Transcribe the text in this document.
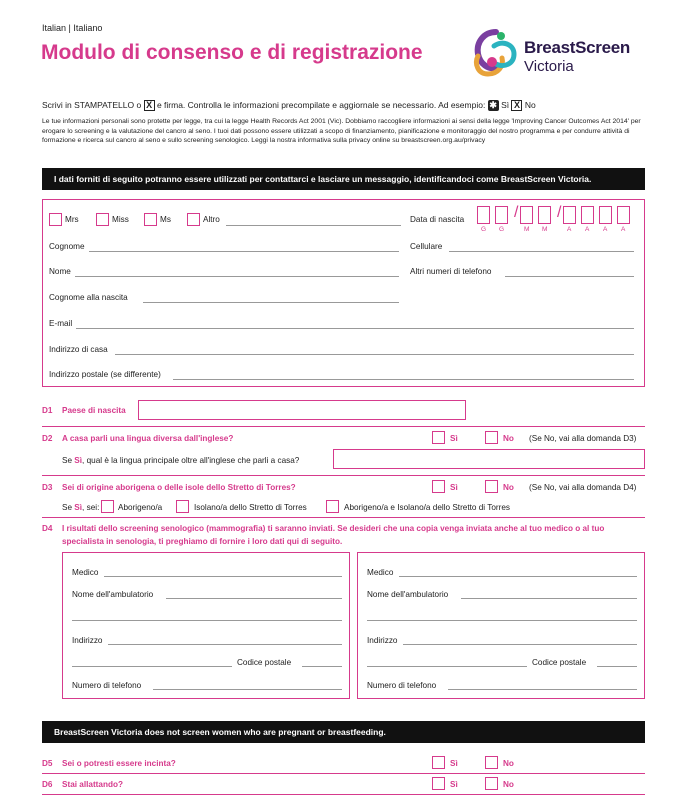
Italian | Italiano
Modulo di consenso e di registrazione	BreastScreen
Victoria
Scrivi in STAMPATELLO o X e firma. Controlla le informazioni precompilate e aggiornale se necessario. Ad esempio: ✱ Sì X No
Le tue informazioni personali sono protette per legge, tra cui la legge Health Records Act 2001 (Vic). Dobbiamo raccogliere informazioni ai sensi della legge 'Improving Cancer Outcomes Act 2014' per erogare lo screening e la valutazione del cancro al seno. I tuoi dati possono essere utilizzati a scopo di finanziamento, pianificazione e monitoraggio del nostro programma e per condurre attività di formazione e ricerca sul cancro al seno e sullo screening senologico. Leggi la nostra informativa sulla privacy online su breastscreen.org.au/privacy
I dati forniti di seguito potranno essere utilizzati per contattarci e lasciare un messaggio, identificandoci come BreastScreen Victoria.
Mrs	Miss	Ms	Altro	Data di nascita	/ /
G G	M M	A A A A
Cognome	Cellulare
Nome	Altri numeri di telefono
Cognome alla nascita
E-mail
Indirizzo di casa
Indirizzo postale (se differente)
D1 Paese di nascita
D2 A casa parli una lingua diversa dall'inglese?	Sì	No (Se No, vai alla domanda D3)
Se Sì, qual è la lingua principale oltre all'inglese che parli a casa?
D3 Sei di origine aborigena o delle isole dello Stretto di Torres?	Sì	No (Se No, vai alla domanda D4)
Se Sì, sei: Aborigeno/a	Isolano/a dello Stretto di Torres	Aborigeno/a e Isolano/a dello Stretto di Torres
D4 I risultati dello screening senologico (mammografia) ti saranno inviati. Se desideri che una copia venga inviata anche al tuo medico o al tuo
specialista in senologia, ti preghiamo di fornire i loro dati qui di seguito.
Medico
Nome dell'ambulatorio
Indirizzo
Codice postale
Numero di telefono
Medico
Nome dell'ambulatorio
Indirizzo
Codice postale
Numero di telefono
BreastScreen Victoria does not screen women who are pregnant or breastfeeding.
D5 Sei o potresti essere incinta?	Sì	No
D6 Stai allattando?	Sì	No
